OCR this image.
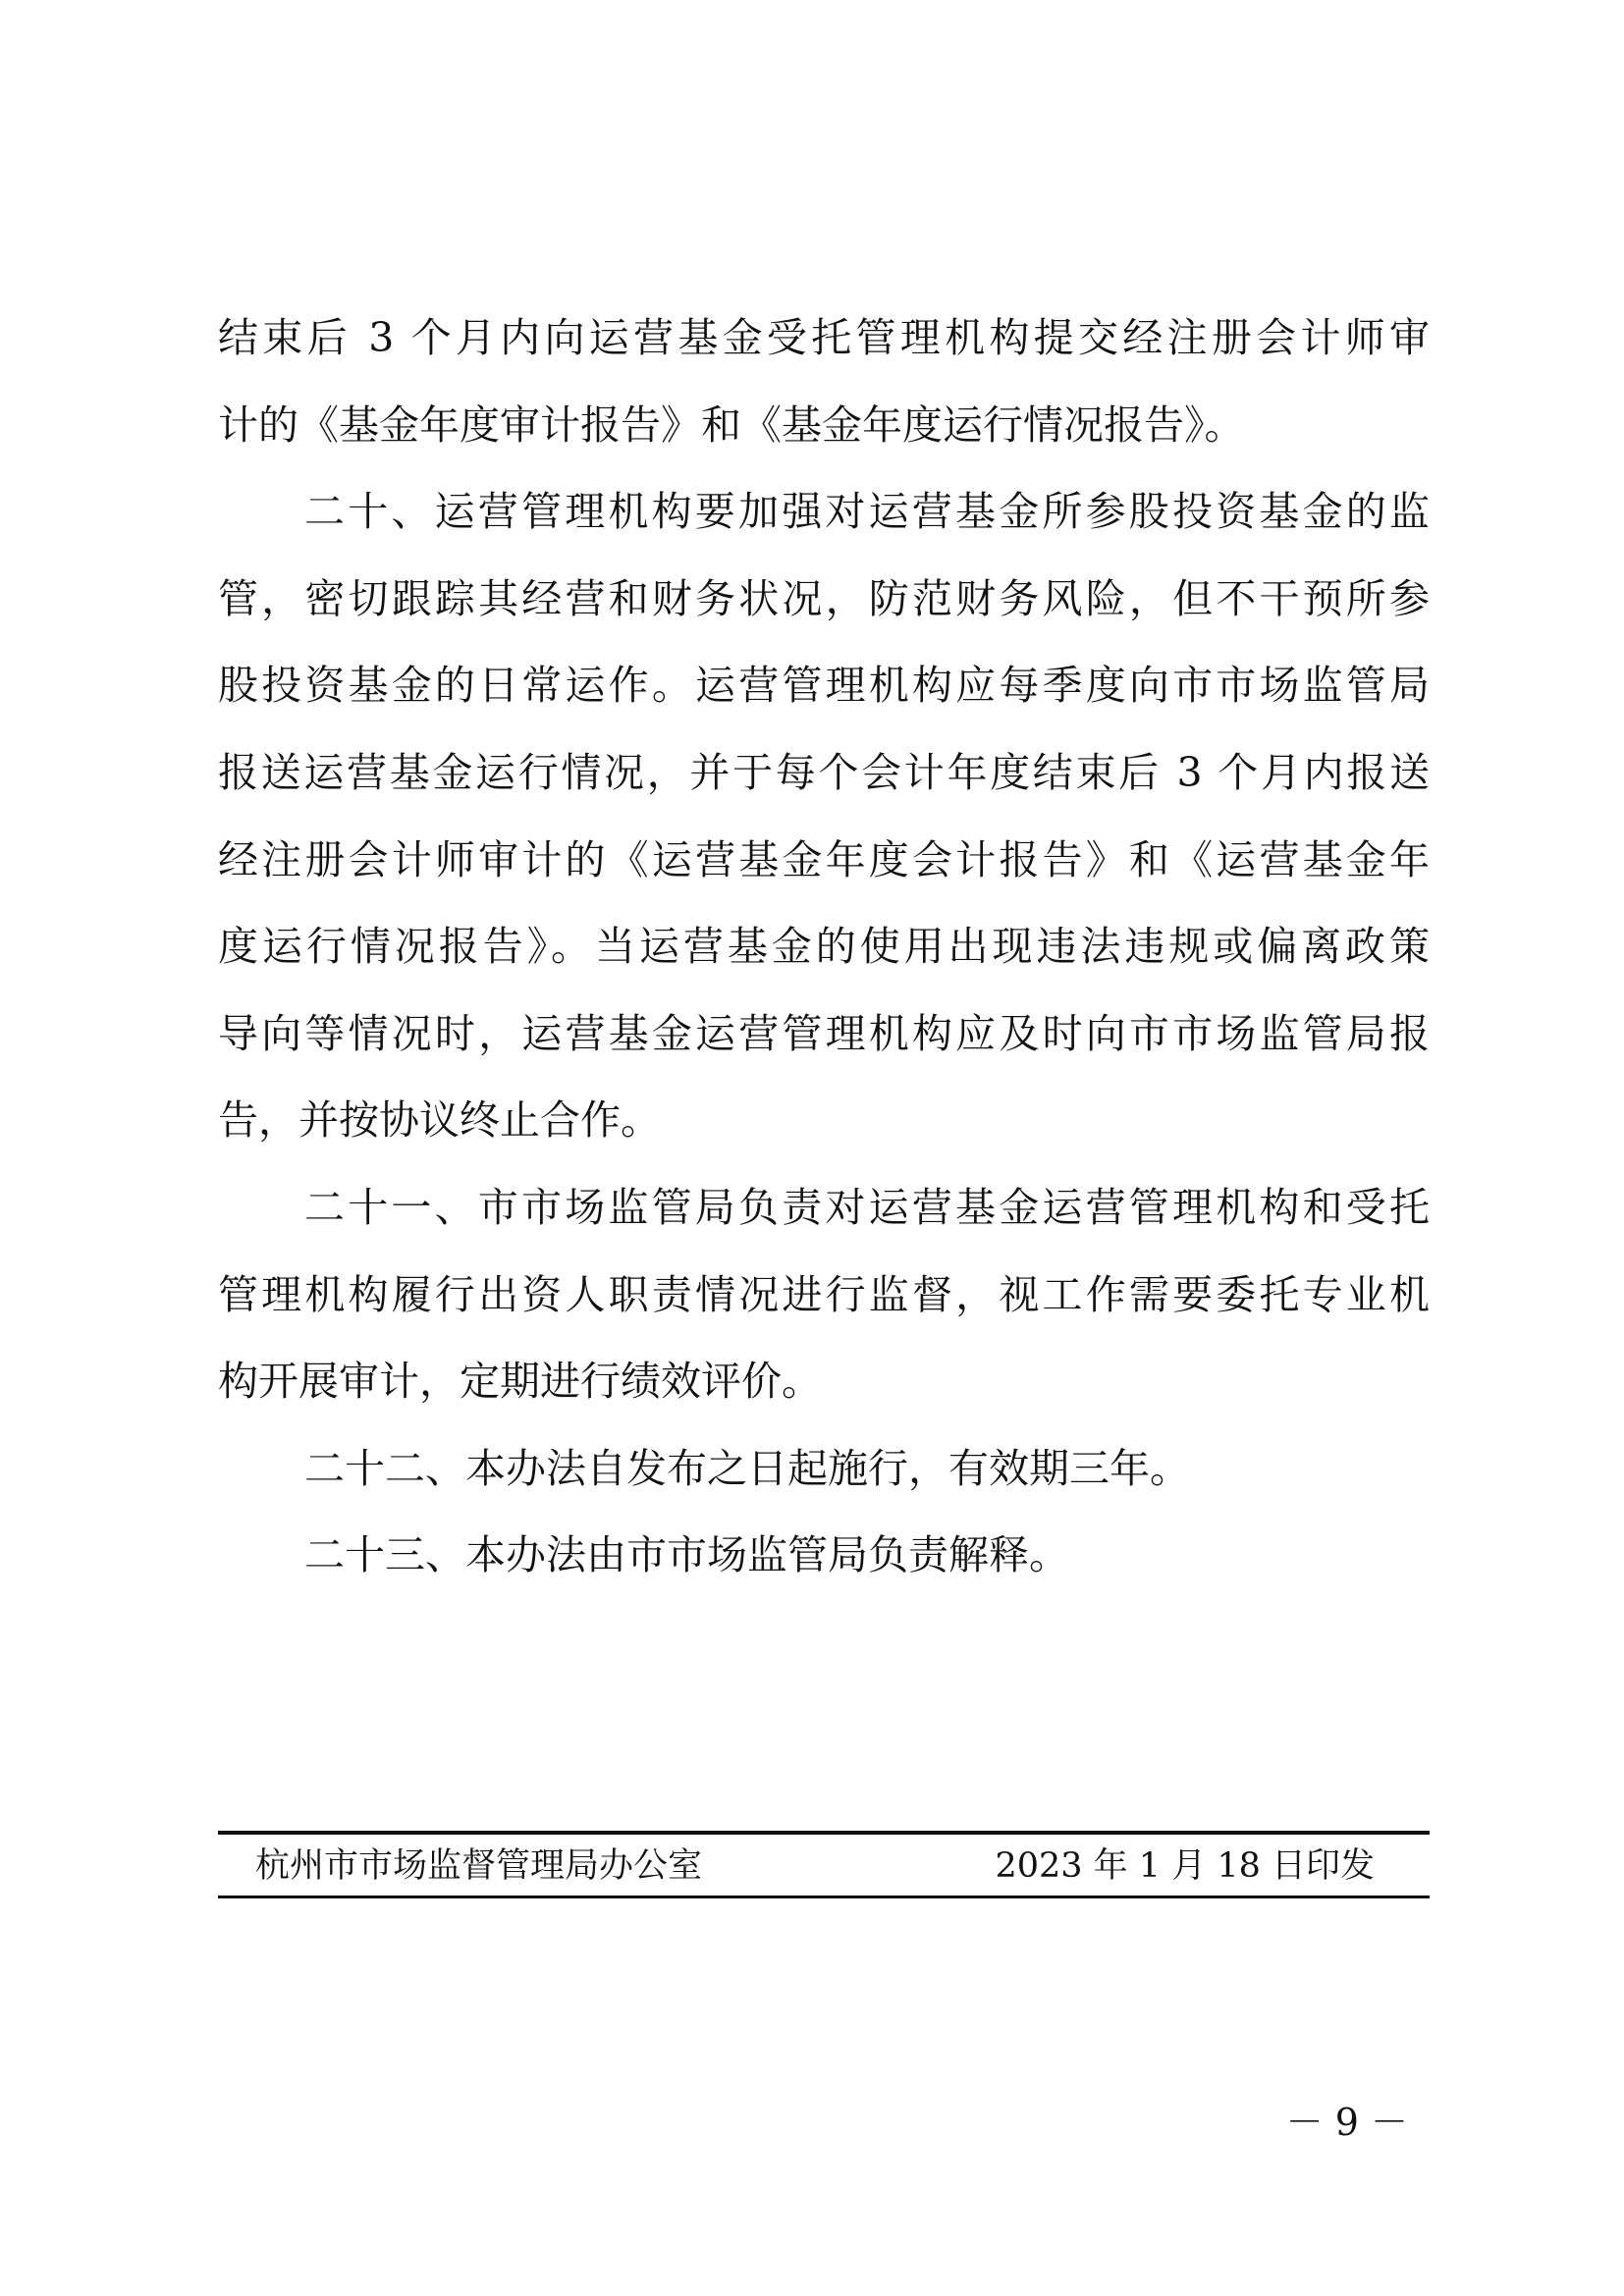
结束后 3 个月内向运营基金受托管理机构提交经注册会计师审
计的《基金年度审计报告》和《基金年度运行情况报告》。
二十、运营管理机构要加强对运营基金所参股投资基金的监
管，密切跟踪其经营和财务状况，防范财务风险，但不干预所参
股投资基金的日常运作。运营管理机构应每季度向市市场监管局
报送运营基金运行情况，并于每个会计年度结束后 3 个月内报送
经注册会计师审计的《运营基金年度会计报告》和《运营基金年
度运行情况报告》。当运营基金的使用出现违法违规或偏离政策
导向等情况时，运营基金运营管理机构应及时向市市场监管局报
告，并按协议终止合作。
二十一、市市场监管局负责对运营基金运营管理机构和受托
管理机构履行出资人职责情况进行监督，视工作需要委托专业机
构开展审计，定期进行绩效评价。
二十二、本办法自发布之日起施行，有效期三年。
二十三、本办法由市市场监管局负责解释。
杭州市市场监督管理局办公室	2023 年 1 月 18 日印发
－ 9 －
